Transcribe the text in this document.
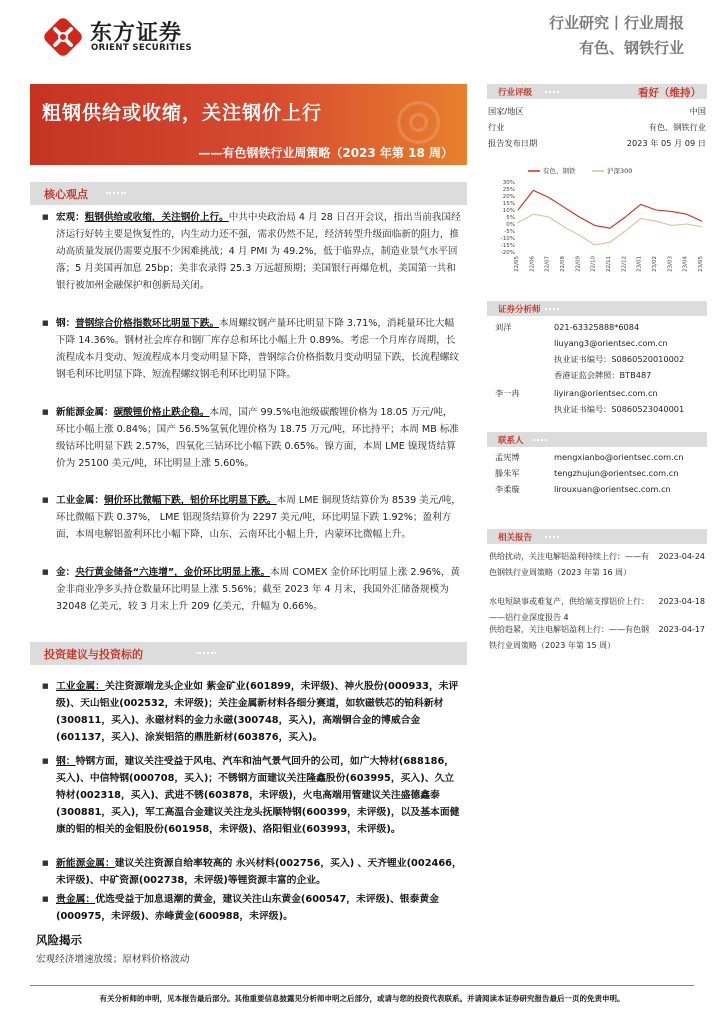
东方证券
ORIENT SECURITIES
行业研究丨行业周报
有色、钢铁行业
◎
粗钢供给或收缩，关注钢价上行
——有色钢铁行业周策略（2023 年第 18 周）
核心观点
■ 宏观：粗钢供给或收缩，关注钢价上行。中共中央政治局 4 月 28 日召开会议，指出当前我国经济运行好转主要是恢复性的，内生动力还不强，需求仍然不足，经济转型升级面临新的阻力，推动高质量发展仍需要克服不少困难挑战；4 月 PMI 为 49.2%，低于临界点，制造业景气水平回落；5 月美国再加息 25bp；美非农录得 25.3 万远超预期；美国银行再爆危机，美国第一共和银行被加州金融保护和创新局关闭。
■ 钢：普钢综合价格指数环比明显下跌。本周螺纹钢产量环比明显下降 3.71%，消耗量环比大幅下降 14.36%。钢材社会库存和钢厂库存总和环比小幅上升 0.89%。考虑一个月库存周期，长流程成本月变动、短流程成本月变动明显下降，普钢综合价格指数月变动明显下跌，长流程螺纹钢毛利环比明显下降、短流程螺纹钢毛利环比明显下降。
■ 新能源金属：碳酸锂价格止跌企稳。本周，国产 99.5%电池级碳酸锂价格为 18.05 万元/吨，环比小幅上涨 0.84%；国产 56.5%氢氧化锂价格为 18.75 万元/吨，环比持平；本周 MB 标准级钴环比明显下跌 2.57%，四氧化三钴环比小幅下跌 0.65%。镍方面，本周 LME 镍现货结算价为 25100 美元/吨，环比明显上涨 5.60%。
■ 工业金属：铜价环比微幅下跌，铝价环比明显下跌。本周 LME 铜现货结算价为 8539 美元/吨，环比微幅下跌 0.37%， LME 铝现货结算价为 2297 美元/吨，环比明显下跌 1.92%；盈利方面，本周电解铝盈利环比小幅下降，山东、云南环比小幅上升，内蒙环比微幅上升。
■ 金：央行黄金储备“六连增”，金价环比明显上涨。本周 COMEX 金价环比明显上涨 2.96%，黄金非商业净多头持仓数量环比明显上涨 5.56%；截至 2023 年 4 月末，我国外汇储备规模为 32048 亿美元，较 3 月末上升 209 亿美元，升幅为 0.66%。
投资建议与投资标的
■ 工业金属：关注资源端龙头企业如 紫金矿业(601899，未评级)、神火股份(000933，未评级)、天山铝业(002532，未评级)；关注金属新材料各细分赛道，如软磁铁芯的铂科新材(300811，买入)、永磁材料的金力永磁(300748，买入)，高端铜合金的博威合金(601137，买入)、涂炭铝箔的鼎胜新材(603876，买入)。
■ 钢：特钢方面，建议关注受益于风电、汽车和油气景气回升的公司，如广大特材(688186，买入)、中信特钢(000708，买入)；不锈钢方面建议关注隆鑫股份(603995，买入)、久立特材(002318，买入)、武进不锈(603878，未评级)，火电高端用管建议关注盛德鑫泰(300881，买入)，军工高温合金建议关注龙头抚顺特钢(600399，未评级)，以及基本面健康的钼的相关的金钼股份(601958，未评级)、洛阳钼业(603993，未评级)。
■ 新能源金属：建议关注资源自给率较高的 永兴材料(002756，买入) 、天齐锂业(002466，未评级)、中矿资源(002738，未评级)等锂资源丰富的企业。
■ 贵金属：优选受益于加息退潮的黄金，建议关注山东黄金(600547，未评级)、银泰黄金(000975，未评级)、赤峰黄金(600988，未评级)。
风险揭示
宏观经济增速放缓；原材料价格波动
有关分析师的申明，见本报告最后部分。其他重要信息披露见分析师申明之后部分，或请与您的投资代表联系。并请阅读本证券研究报告最后一页的免责申明。
行业评级	看好（维持）
国家/地区	中国
行业	有色、钢铁行业
报告发布日期	2023 年 05 月 09 日
30%
25%
20%
15%
10%
5%
0%
-5%
-10%
-15%
-20%
22/05 22/06 22/07 22/08 22/09 22/10 22/11 22/12 23/01 23/02 23/03 23/04 23/05
有色、钢铁	沪深300
证券分析师
刘洋	021-63325888*6084
liuyang3@orientsec.com.cn
执业证书编号：S0860520010002
香港证监会牌照：BTB487
李一冉	liyiran@orientsec.com.cn
执业证书编号：S0860523040001
联系人
孟宪博	mengxianbo@orientsec.com.cn
滕朱军	tengzhujun@orientsec.com.cn
李柔璇	lirouxuan@orientsec.com.cn
相关报告
供给扰动，关注电解铝盈利持续上行：——有色钢铁行业周策略（2023 年第 16 周）
2023-04-24
水电短缺事或难复产，供给端支撑铝价上行：——铝行业深度报告 4
2023-04-18
供给趋紧，关注电解铝盈利上行：——有色钢铁行业周策略（2023 年第 15 周）
2023-04-17
